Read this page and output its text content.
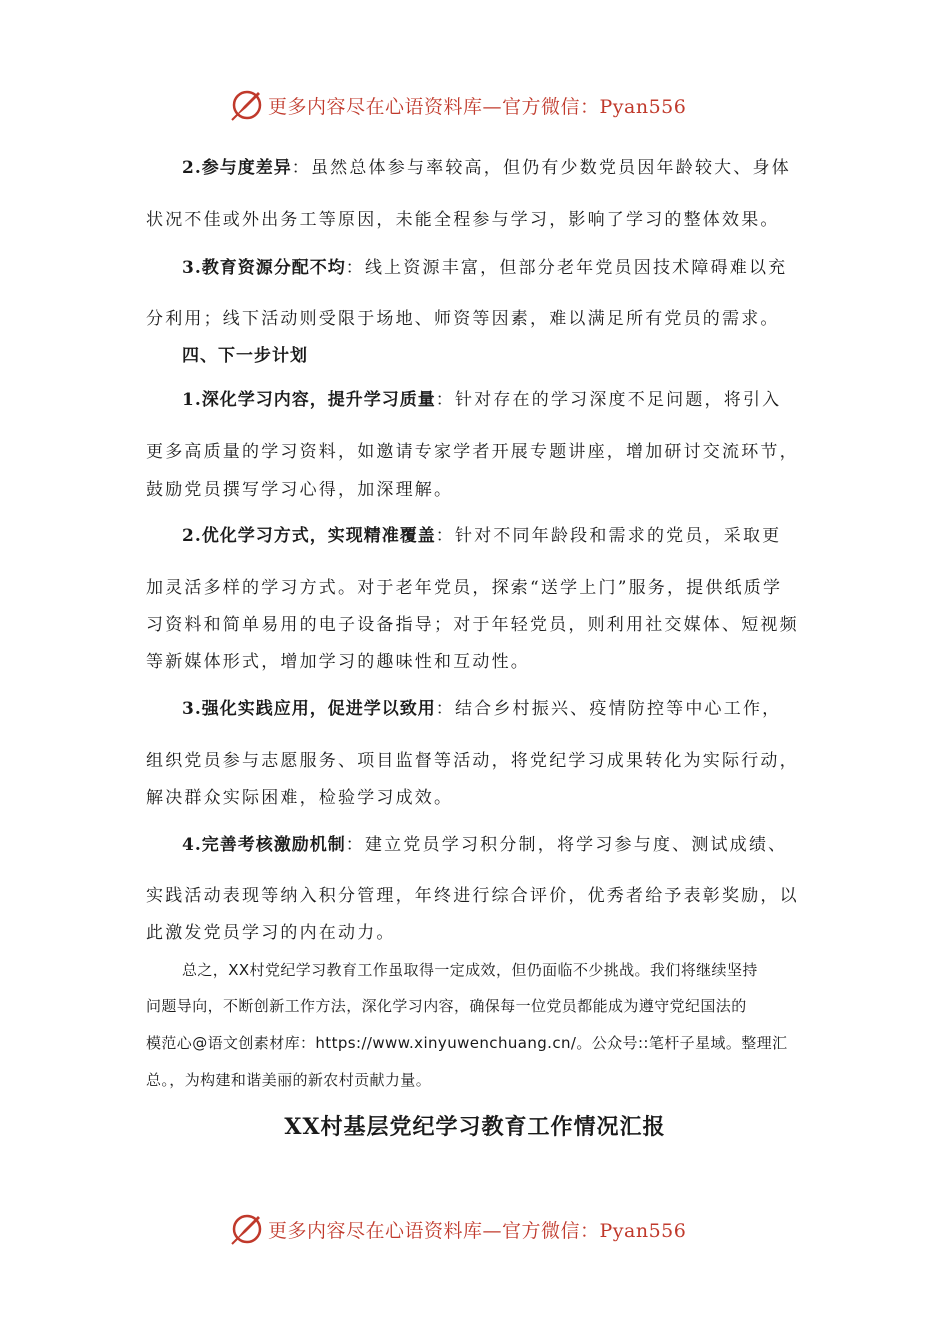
更多内容尽在心语资料库—官方微信：Pyan556
2.参与度差异：虽然总体参与率较高，但仍有少数党员因年龄较大、身体
状况不佳或外出务工等原因，未能全程参与学习，影响了学习的整体效果。
3.教育资源分配不均：线上资源丰富，但部分老年党员因技术障碍难以充
分利用；线下活动则受限于场地、师资等因素，难以满足所有党员的需求。
四、下一步计划
1.深化学习内容，提升学习质量：针对存在的学习深度不足问题，将引入
更多高质量的学习资料，如邀请专家学者开展专题讲座，增加研讨交流环节，
鼓励党员撰写学习心得，加深理解。
2.优化学习方式，实现精准覆盖：针对不同年龄段和需求的党员，采取更
加灵活多样的学习方式。对于老年党员，探索“送学上门”服务，提供纸质学
习资料和简单易用的电子设备指导；对于年轻党员，则利用社交媒体、短视频
等新媒体形式，增加学习的趣味性和互动性。
3.强化实践应用，促进学以致用：结合乡村振兴、疫情防控等中心工作，
组织党员参与志愿服务、项目监督等活动，将党纪学习成果转化为实际行动，
解决群众实际困难，检验学习成效。
4.完善考核激励机制：建立党员学习积分制，将学习参与度、测试成绩、
实践活动表现等纳入积分管理，年终进行综合评价，优秀者给予表彰奖励，以
此激发党员学习的内在动力。
总之，XX村党纪学习教育工作虽取得一定成效，但仍面临不少挑战。我们将继续坚持
问题导向，不断创新工作方法，深化学习内容，确保每一位党员都能成为遵守党纪国法的
模范心@语文创素材库：https://www.xinyuwenchuang.cn/。公众号::笔杆子星域。整理汇
总。，为构建和谐美丽的新农村贡献力量。
XX村基层党纪学习教育工作情况汇报
更多内容尽在心语资料库—官方微信：Pyan556
